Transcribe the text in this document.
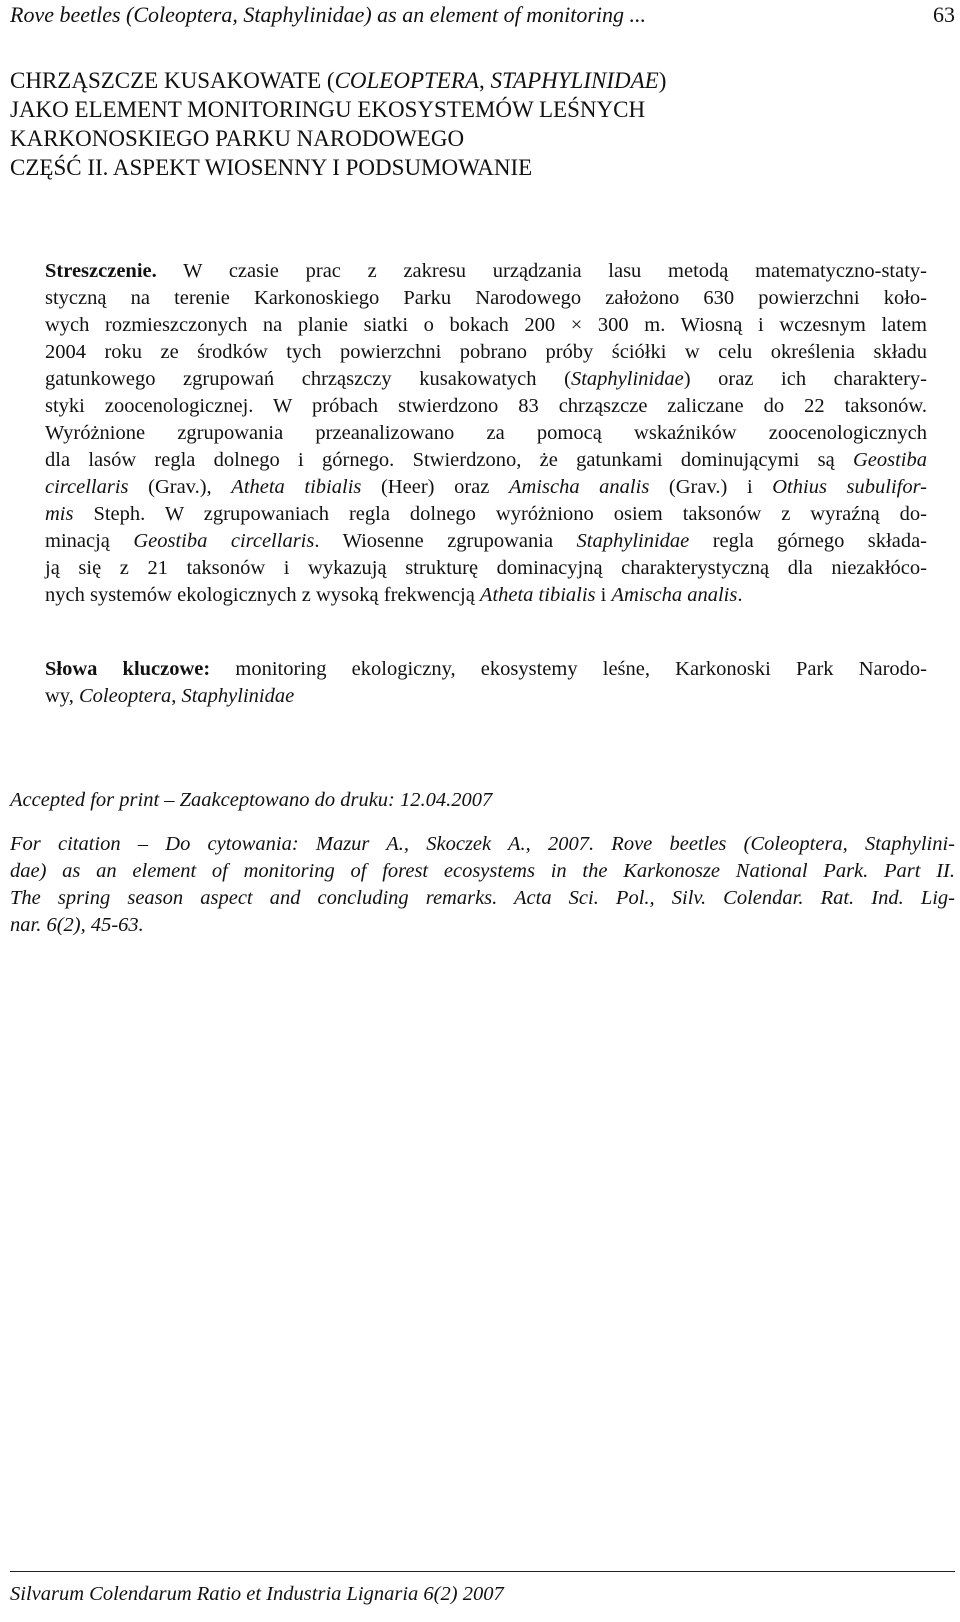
Rove beetles (Coleoptera, Staphylinidae) as an element of monitoring ...	63
CHRZĄSZCZE KUSAKOWATE (COLEOPTERA, STAPHYLINIDAE)
JAKO ELEMENT MONITORINGU EKOSYSTEMÓW LEŚNYCH
KARKONOSKIEGO PARKU NARODOWEGO
CZĘŚĆ II. ASPEKT WIOSENNY I PODSUMOWANIE
Streszczenie. W czasie prac z zakresu urządzania lasu metodą matematyczno-staty-
styczną na terenie Karkonoskiego Parku Narodowego założono 630 powierzchni koło-
wych rozmieszczonych na planie siatki o bokach 200 × 300 m. Wiosną i wczesnym latem
2004 roku ze środków tych powierzchni pobrano próby ściółki w celu określenia składu
gatunkowego zgrupowań chrząszczy kusakowatych (Staphylinidae) oraz ich charaktery-
styki zoocenologicznej. W próbach stwierdzono 83 chrząszcze zaliczane do 22 taksonów.
Wyróżnione zgrupowania przeanalizowano za pomocą wskaźników zoocenologicznych
dla lasów regla dolnego i górnego. Stwierdzono, że gatunkami dominującymi są Geostiba
circellaris (Grav.), Atheta tibialis (Heer) oraz Amischa analis (Grav.) i Othius subulifor-
mis Steph. W zgrupowaniach regla dolnego wyróżniono osiem taksonów z wyraźną do-
minacją Geostiba circellaris. Wiosenne zgrupowania Staphylinidae regla górnego składa-
ją się z 21 taksonów i wykazują strukturę dominacyjną charakterystyczną dla niezakłóco-
nych systemów ekologicznych z wysoką frekwencją Atheta tibialis i Amischa analis.
Słowa kluczowe: monitoring ekologiczny, ekosystemy leśne, Karkonoski Park Narodo-
wy, Coleoptera, Staphylinidae

Accepted for print – Zaakceptowano do druku: 12.04.2007

For citation – Do cytowania: Mazur A., Skoczek A., 2007. Rove beetles (Coleoptera, Staphylini-
dae) as an element of monitoring of forest ecosystems in the Karkonosze National Park. Part II.
The spring season aspect and concluding remarks. Acta Sci. Pol., Silv. Colendar. Rat. Ind. Lig-
nar. 6(2), 45-63.
Silvarum Colendarum Ratio et Industria Lignaria 6(2) 2007
